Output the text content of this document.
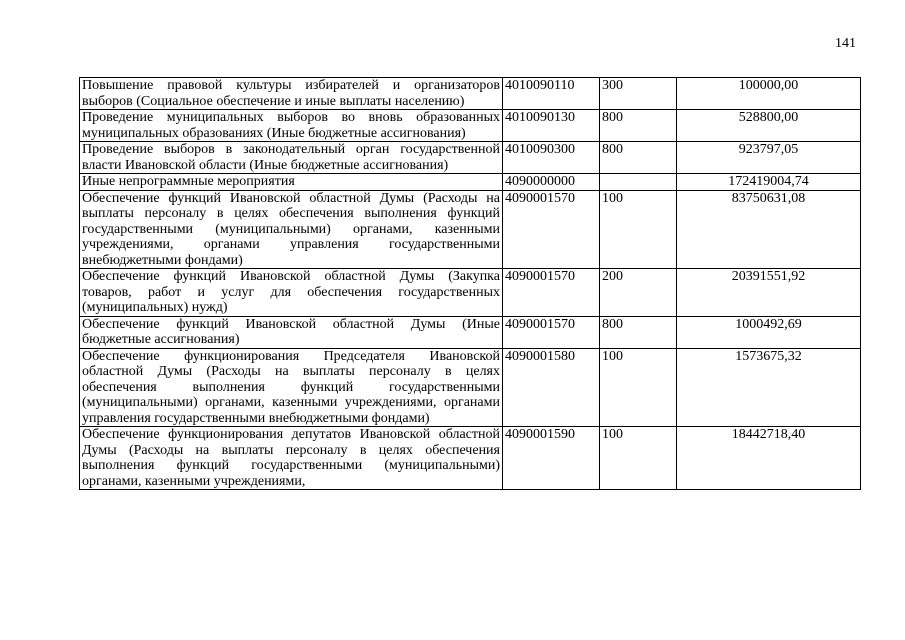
141
Повышение правовой культуры избирателей и организаторов выборов (Социальное обеспечение и иные выплаты населению)	4010090110	300	100000,00
Проведение муниципальных выборов во вновь образованных муниципальных образованиях (Иные бюджетные ассигнования)	4010090130	800	528800,00
Проведение выборов в законодательный орган государственной власти Ивановской области (Иные бюджетные ассигнования)	4010090300	800	923797,05
Иные непрограммные мероприятия	4090000000		172419004,74
Обеспечение функций Ивановской областной Думы (Расходы на выплаты персоналу в целях обеспечения выполнения функций государственными (муниципальными) органами, казенными учреждениями, органами управления государственными внебюджетными фондами)	4090001570	100	83750631,08
Обеспечение функций Ивановской областной Думы (Закупка товаров, работ и услуг для обеспечения государственных (муниципальных) нужд)	4090001570	200	20391551,92
Обеспечение функций Ивановской областной Думы (Иные бюджетные ассигнования)	4090001570	800	1000492,69
Обеспечение функционирования Председателя Ивановской областной Думы (Расходы на выплаты персоналу в целях обеспечения выполнения функций государственными (муниципальными) органами, казенными учреждениями, органами управления государственными внебюджетными фондами)	4090001580	100	1573675,32
Обеспечение функционирования депутатов Ивановской областной Думы (Расходы на выплаты персоналу в целях обеспечения выполнения функций государственными (муниципальными) органами, казенными учреждениями,	4090001590	100	18442718,40
